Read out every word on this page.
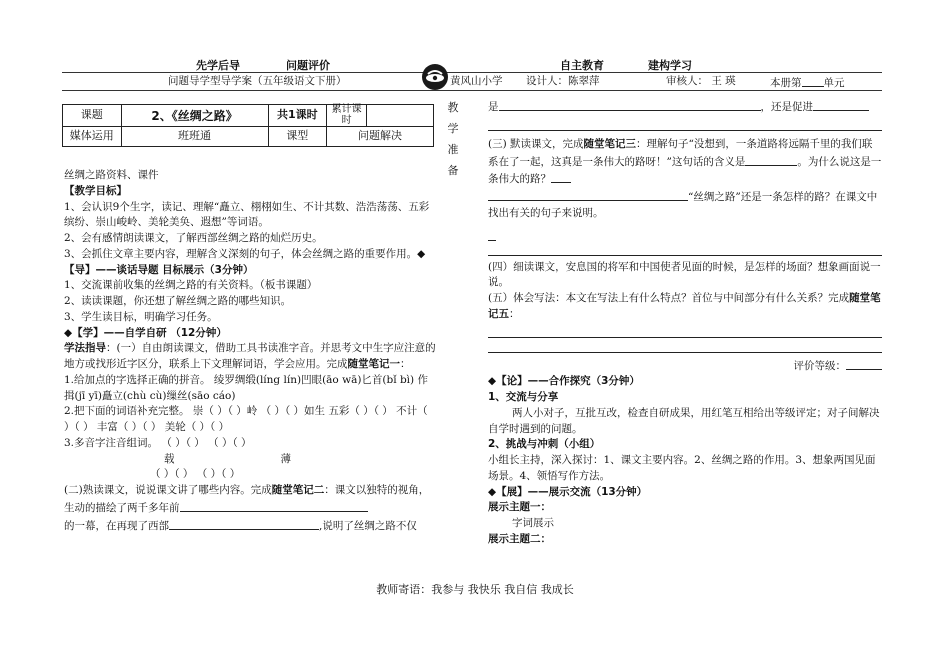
先学后导	问题评价	自主教育	建构学习
问题导学型导学案（五年级语文下册）	黄风山小学 设计人：陈翠萍	审核人： 王 瑛	本册第 单元
课题	2、《丝绸之路》	共1课时	累计课时	
媒体运用	班班通	课型	问题解决	
教
学
准
备

丝绸之路资料、课件

【教学目标】

1、会认识9个生字，读记、理解“矗立、栩栩如生、不计其数、浩浩荡荡、五彩缤纷、崇山峻岭、美轮美奂、遐想”等词语。

2、会有感情朗读课文，了解西部丝绸之路的灿烂历史。

3、会抓住文章主要内容，理解含义深刻的句子，体会丝绸之路的重要作用。◆

【导】——谈话导题 目标展示（3分钟）

1、交流课前收集的丝绸之路的有关资料。（板书课题）

2、读读课题，你还想了解丝绸之路的哪些知识。

3、学生读目标，明确学习任务。

◆【学】——自学自研 （12分钟）

学法指导：(一）自由朗读课文，借助工具书读准字音。并思考文中生字应注意的地方或找形近字区分，联系上下文理解词语，学会应用。完成随堂笔记一：

1.给加点的字选择正确的拼音。 绫罗绸缎(líng lín)凹眼(āo wā)匕首(bǐ bì) 作揖(jī yī)矗立(chù cù)缫丝(sāo cáo)

2.把下面的词语补充完整。 崇（ ）（ ）岭 （ ）（ ）如生 五彩（ ）（ ） 不计（ ）（ ） 丰富（ ）（ ） 美轮（ ）（ ）

3.多音字注音组词。 （ ）（ ） （ ）（ ）

载	薄

（ ）（ ） （ ）（ ）

(二)熟读课文，说说课文讲了哪些内容。完成随堂笔记二：课文以独特的视角，生动的描绘了两千多年前

的一幕，在再现了西部	,说明了丝绸之路不仅

是	，还是促进

(三) 默读课文，完成随堂笔记三：理解句子“没想到，一条道路将远隔千里的我们联系在了一起，这真是一条伟大的路呀！”这句话的含义是	。为什么说这是一条伟大的路？

“丝绸之路”还是一条怎样的路？在课文中找出有关的句子来说明。

(四）细读课文，安息国的将军和中国使者见面的时候，是怎样的场面？想象画面说一说。

(五）体会写法：本文在写法上有什么特点？首位与中间部分有什么关系？完成随堂笔记五：

评价等级：

◆【论】——合作探究（3分钟）

1、交流与分享

两人小对子，互批互改，检查自研成果，用红笔互相给出等级评定；对子间解决自学时遇到的问题。

2、挑战与冲刺（小组）

小组长主持，深入探讨：1、课文主要内容。2、丝绸之路的作用。3、想象两国见面场景。4、领悟写作方法。

◆【展】——展示交流（13分钟）

展示主题一：

字词展示

展示主题二：

教师寄语：我参与 我快乐 我自信 我成长
